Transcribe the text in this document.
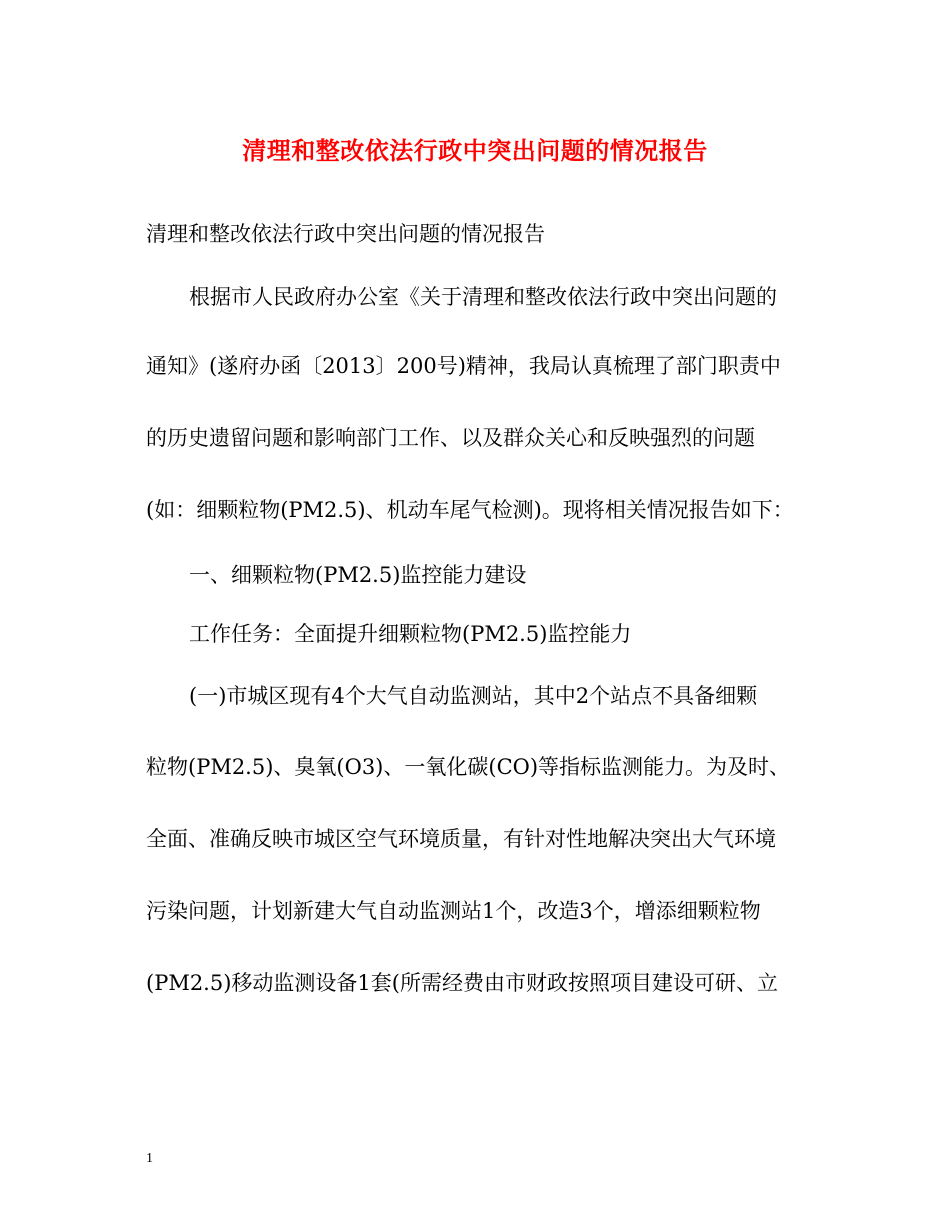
清理和整改依法行政中突出问题的情况报告
清理和整改依法行政中突出问题的情况报告
根据市人民政府办公室《关于清理和整改依法行政中突出问题的
通知》(遂府办函〔2013〕200号)精神，我局认真梳理了部门职责中
的历史遗留问题和影响部门工作、以及群众关心和反映强烈的问题
(如：细颗粒物(PM2.5)、机动车尾气检测)。现将相关情况报告如下：
一、细颗粒物(PM2.5)监控能力建设
工作任务：全面提升细颗粒物(PM2.5)监控能力
(一)市城区现有4个大气自动监测站，其中2个站点不具备细颗
粒物(PM2.5)、臭氧(O3)、一氧化碳(CO)等指标监测能力。为及时、
全面、准确反映市城区空气环境质量，有针对性地解决突出大气环境
污染问题，计划新建大气自动监测站1个，改造3个，增添细颗粒物
(PM2.5)移动监测设备1套(所需经费由市财政按照项目建设可研、立
1
